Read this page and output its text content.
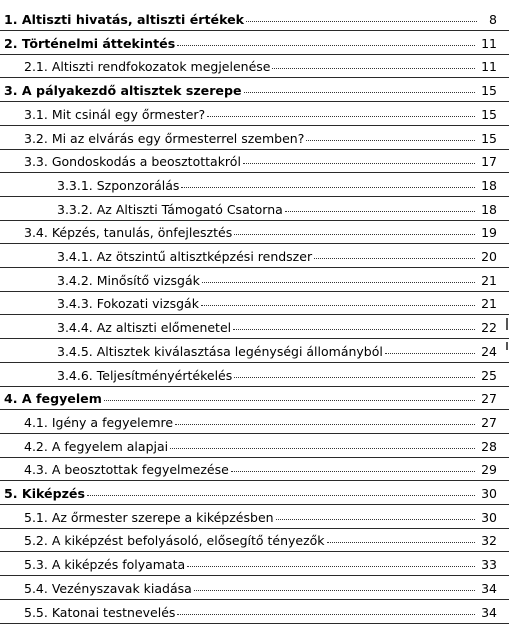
1. Altiszti hivatás, altiszti értékek	8
2. Történelmi áttekintés	11
2.1. Altiszti rendfokozatok megjelenése	11
3. A pályakezdő altisztek szerepe	15
3.1. Mit csinál egy őrmester?	15
3.2. Mi az elvárás egy őrmesterrel szemben?	15
3.3. Gondoskodás a beosztottakról	17
3.3.1. Szponzorálás	18
3.3.2. Az Altiszti Támogató Csatorna	18
3.4. Képzés, tanulás, önfejlesztés	19
3.4.1. Az ötszintű altisztképzési rendszer	20
3.4.2. Minősítő vizsgák	21
3.4.3. Fokozati vizsgák	21
3.4.4. Az altiszti előmenetel	22
3.4.5. Altisztek kiválasztása legénységi állományból	24
3.4.6. Teljesítményértékelés	25
4. A fegyelem	27
4.1. Igény a fegyelemre	27
4.2. A fegyelem alapjai	28
4.3. A beosztottak fegyelmezése	29
5. Kiképzés	30
5.1. Az őrmester szerepe a kiképzésben	30
5.2. A kiképzést befolyásoló, elősegítő tényezők	32
5.3. A kiképzés folyamata	33
5.4. Vezényszavak kiadása	34
5.5. Katonai testnevelés	34
